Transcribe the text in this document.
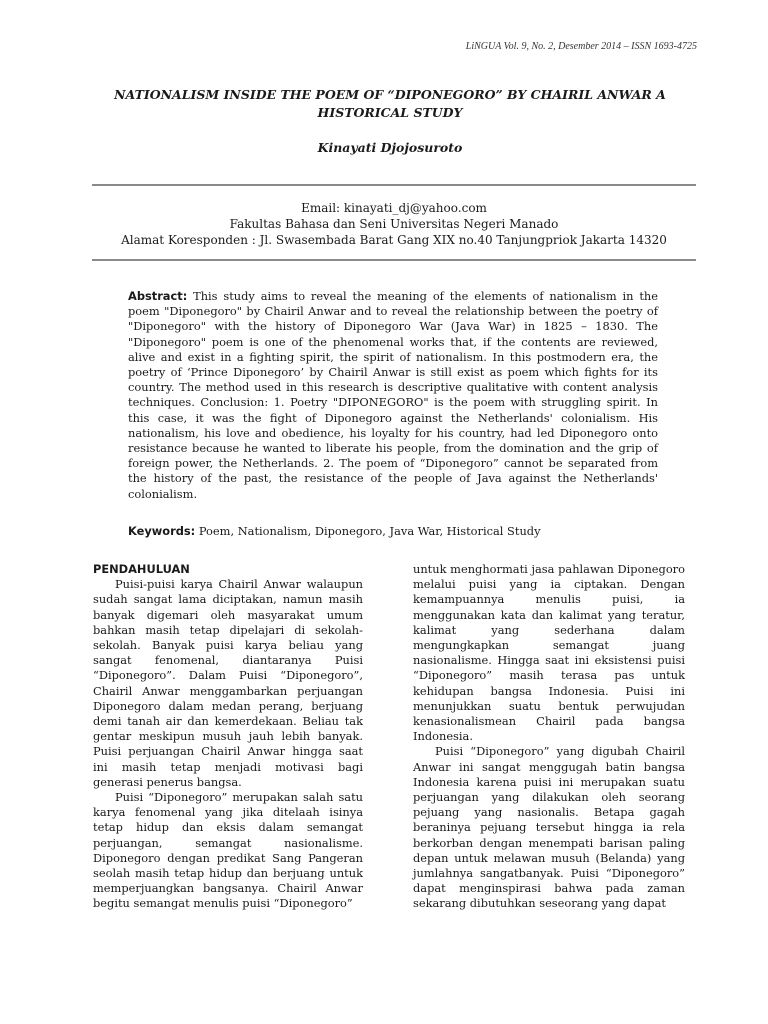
LiNGUA Vol. 9, No. 2, Desember 2014 – ISSN 1693-4725
NATIONALISM INSIDE THE POEM OF “DIPONEGORO” BY CHAIRIL ANWAR A HISTORICAL STUDY
Kinayati Djojosuroto
Email: kinayati_dj@yahoo.com
Fakultas Bahasa dan Seni Universitas Negeri Manado
Alamat Koresponden : Jl. Swasembada Barat Gang XIX no.40 Tanjungpriok Jakarta 14320
Abstract: This study aims to reveal the meaning of the elements of nationalism in the poem "Diponegoro" by Chairil Anwar and to reveal the relationship between the poetry of "Diponegoro" with the history of Diponegoro War (Java War) in 1825 – 1830. The "Diponegoro" poem is one of the phenomenal works that, if the contents are reviewed, alive and exist in a fighting spirit, the spirit of nationalism. In this postmodern era, the poetry of ‘Prince Diponegoro’ by Chairil Anwar is still exist as poem which fights for its country. The method used in this research is descriptive qualitative with content analysis techniques. Conclusion: 1. Poetry "DIPONEGORO" is the poem with struggling spirit. In this case, it was the fight of Diponegoro against the Netherlands' colonialism. His nationalism, his love and obedience, his loyalty for his country, had led Diponegoro onto resistance because he wanted to liberate his people, from the domination and the grip of foreign power, the Netherlands. 2. The poem of “Diponegoro” cannot be separated from the history of the past, the resistance of the people of Java against the Netherlands' colonialism.
Keywords: Poem, Nationalism, Diponegoro, Java War, Historical Study
PENDAHULUAN

Puisi-puisi karya Chairil Anwar walaupun sudah sangat lama diciptakan, namun masih banyak digemari oleh masyarakat umum bahkan masih tetap dipelajari di sekolah-sekolah. Banyak puisi karya beliau yang sangat fenomenal, diantaranya Puisi “Diponegoro”. Dalam Puisi “Diponegoro”, Chairil Anwar menggambarkan perjuangan Diponegoro dalam medan perang, berjuang demi tanah air dan kemerdekaan. Beliau tak gentar meskipun musuh jauh lebih banyak. Puisi perjuangan Chairil Anwar hingga saat ini masih tetap menjadi motivasi bagi generasi penerus bangsa.

Puisi “Diponegoro” merupakan salah satu karya fenomenal yang jika ditelaah isinya tetap hidup dan eksis dalam semangat perjuangan, semangat nasionalisme. Diponegoro dengan predikat Sang Pangeran seolah masih tetap hidup dan berjuang untuk memperjuangkan bangsanya. Chairil Anwar begitu semangat menulis puisi “Diponegoro”

untuk menghormati jasa pahlawan Diponegoro melalui puisi yang ia ciptakan. Dengan kemampuannya menulis puisi, ia menggunakan kata dan kalimat yang teratur, kalimat yang sederhana dalam mengungkapkan semangat juang nasionalisme. Hingga saat ini eksistensi puisi “Diponegoro” masih terasa pas untuk kehidupan bangsa Indonesia. Puisi ini menunjukkan suatu bentuk perwujudan kenasionalismean Chairil pada bangsa Indonesia.

Puisi “Diponegoro” yang digubah Chairil Anwar ini sangat menggugah batin bangsa Indonesia karena puisi ini merupakan suatu perjuangan yang dilakukan oleh seorang pejuang yang nasionalis. Betapa gagah beraninya pejuang tersebut hingga ia rela berkorban dengan menempati barisan paling depan untuk melawan musuh (Belanda) yang jumlahnya sangatbanyak. Puisi “Diponegoro” dapat menginspirasi bahwa pada zaman sekarang dibutuhkan seseorang yang dapat
